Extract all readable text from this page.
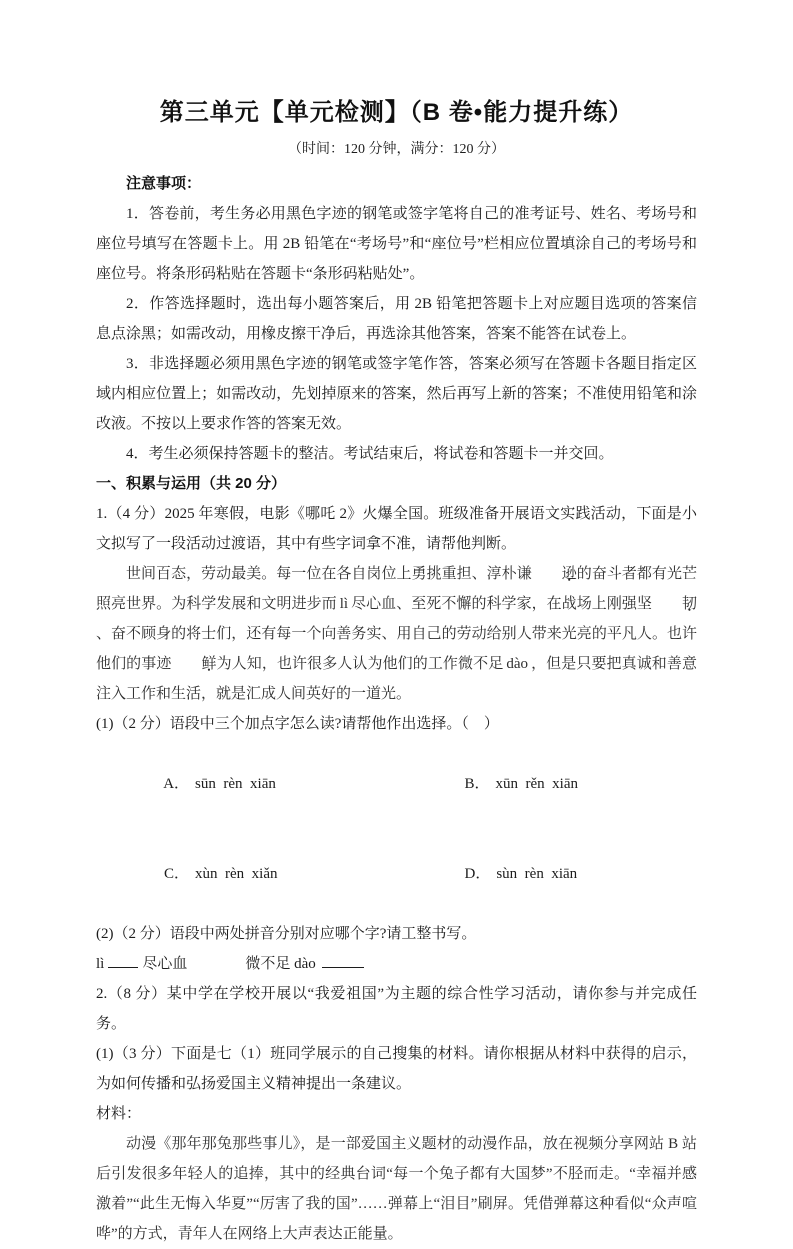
第三单元【单元检测】（B 卷•能力提升练）

（时间：120 分钟，满分：120 分）

注意事项：

1．答卷前，考生务必用黑色字迹的钢笔或签字笔将自己的准考证号、姓名、考场号和座位号填写在答题卡上。用 2B 铅笔在“考场号”和“座位号”栏相应位置填涂自己的考场号和座位号。将条形码粘贴在答题卡“条形码粘贴处”。

2．作答选择题时，选出每小题答案后，用 2B 铅笔把答题卡上对应题目选项的答案信息点涂黑；如需改动，用橡皮擦干净后，再选涂其他答案，答案不能答在试卷上。

3．非选择题必须用黑色字迹的钢笔或签字笔作答，答案必须写在答题卡各题目指定区域内相应位置上；如需改动，先划掉原来的答案，然后再写上新的答案；不准使用铅笔和涂改液。不按以上要求作答的答案无效。

4．考生必须保持答题卡的整洁。考试结束后，将试卷和答题卡一并交回。

一、积累与运用（共 20 分）

1.（4 分）2025 年寒假，电影《哪吒 2》火爆全国。班级准备开展语文实践活动，下面是小文拟写了一段活动过渡语，其中有些字词拿不准，请帮他判断。

世间百态，劳动最美。每一位在各自岗位上勇挑重担、淳朴谦 逊 •的奋斗者都有光芒照亮世界。为科学发展和文明进步而 lì 尽心血、至死不懈的科学家，在战场上刚强坚 韧 •、奋不顾身的将士们，还有每一个向善务实、用自己的劳动给别人带来光亮的平凡人。也许他们的事迹 鲜 •为人知，也许很多人认为他们的工作微不足 dào ，但是只要把真诚和善意注入工作和生活，就是汇成人间英好的一道光。

(1)（2 分）语段中三个加点字怎么读?请帮他作出选择。（　）

A． sūn  rèn  xiān
	B． xūn  rěn  xiān

C． xùn  rèn  xiǎn
	D． sùn  rèn  xiān

(2)（2 分）语段中两处拼音分别对应哪个字?请工整书写。

lì	尽心血	微不足 dào

2.（8 分）某中学在学校开展以“我爱祖国”为主题的综合性学习活动，请你参与并完成任务。

(1)（3 分）下面是七（1）班同学展示的自己搜集的材料。请你根据从材料中获得的启示，为如何传播和弘扬爱国主义精神提出一条建议。

材料：

动漫《那年那兔那些事儿》，是一部爱国主义题材的动漫作品，放在视频分享网站 B 站后引发很多年轻人的追捧，其中的经典台词“每一个兔子都有大国梦”不胫而走。“幸福并感激着”“此生无悔入华夏”“厉害了我的国”……弹幕上“泪目”刷屏。凭借弹幕这种看似“众声喧哗”的方式，青年人在网络上大声表达正能量。
